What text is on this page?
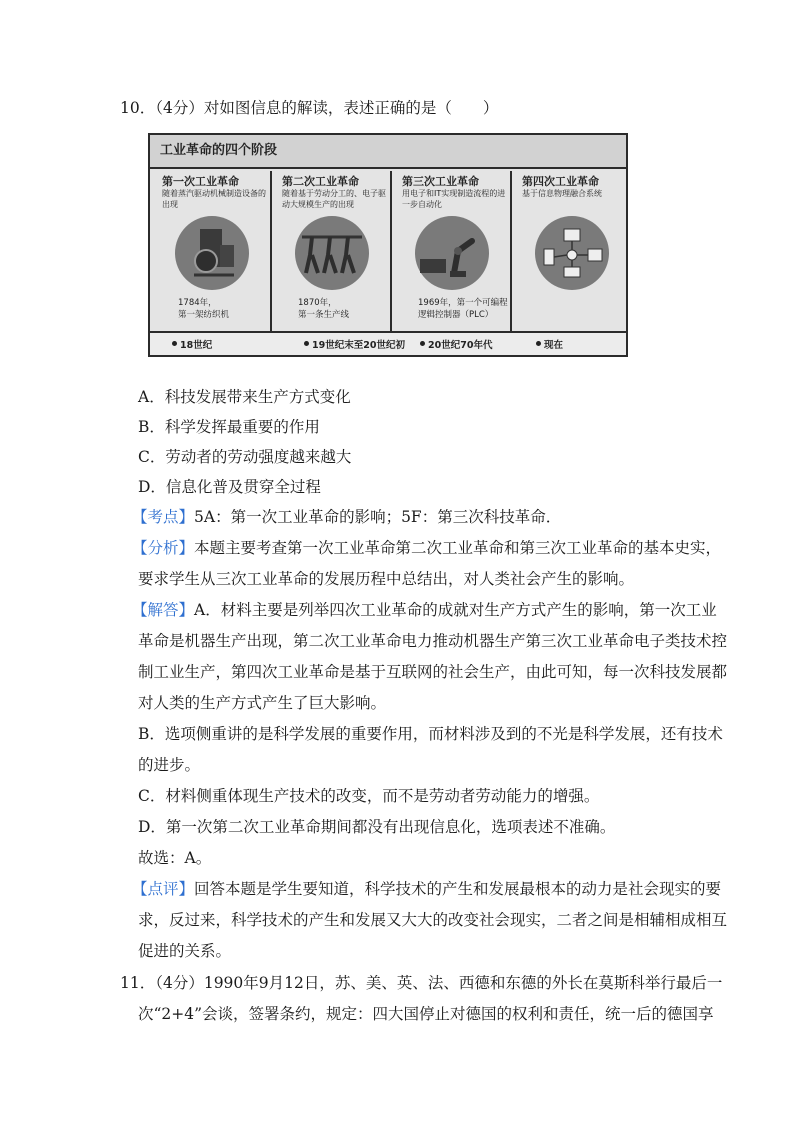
10．（4分）对如图信息的解读，表述正确的是（　　）
工业革命的四个阶段
第一次工业革命
随着蒸汽驱动机械制造设备的出现
1784年，
第一架纺织机
第二次工业革命
随着基于劳动分工的、电子驱动大规模生产的出现
1870年，
第一条生产线
第三次工业革命
用电子和IT实现制造流程的进一步自动化
1969年，第一个可编程
逻辑控制器（PLC）
第四次工业革命
基于信息物理融合系统
18世纪	19世纪末至20世纪初 20世纪70年代	现在
A．科技发展带来生产方式变化
B．科学发挥最重要的作用
C．劳动者的劳动强度越来越大
D．信息化普及贯穿全过程
【考点】5A：第一次工业革命的影响；5F：第三次科技革命．
【分析】本题主要考查第一次工业革命第二次工业革命和第三次工业革命的基本史实，
要求学生从三次工业革命的发展历程中总结出，对人类社会产生的影响。
【解答】A．材料主要是列举四次工业革命的成就对生产方式产生的影响，第一次工业
革命是机器生产出现，第二次工业革命电力推动机器生产第三次工业革命电子类技术控
制工业生产，第四次工业革命是基于互联网的社会生产，由此可知，每一次科技发展都
对人类的生产方式产生了巨大影响。
B．选项侧重讲的是科学发展的重要作用，而材料涉及到的不光是科学发展，还有技术
的进步。
C．材料侧重体现生产技术的改变，而不是劳动者劳动能力的增强。
D．第一次第二次工业革命期间都没有出现信息化，选项表述不准确。
故选：A。
【点评】回答本题是学生要知道，科学技术的产生和发展最根本的动力是社会现实的要
求，反过来，科学技术的产生和发展又大大的改变社会现实，二者之间是相辅相成相互
促进的关系。
11．（4分）1990年9月12日，苏、美、英、法、西德和东德的外长在莫斯科举行最后一
次“2+4”会谈，签署条约，规定：四大国停止对德国的权利和责任，统一后的德国享
